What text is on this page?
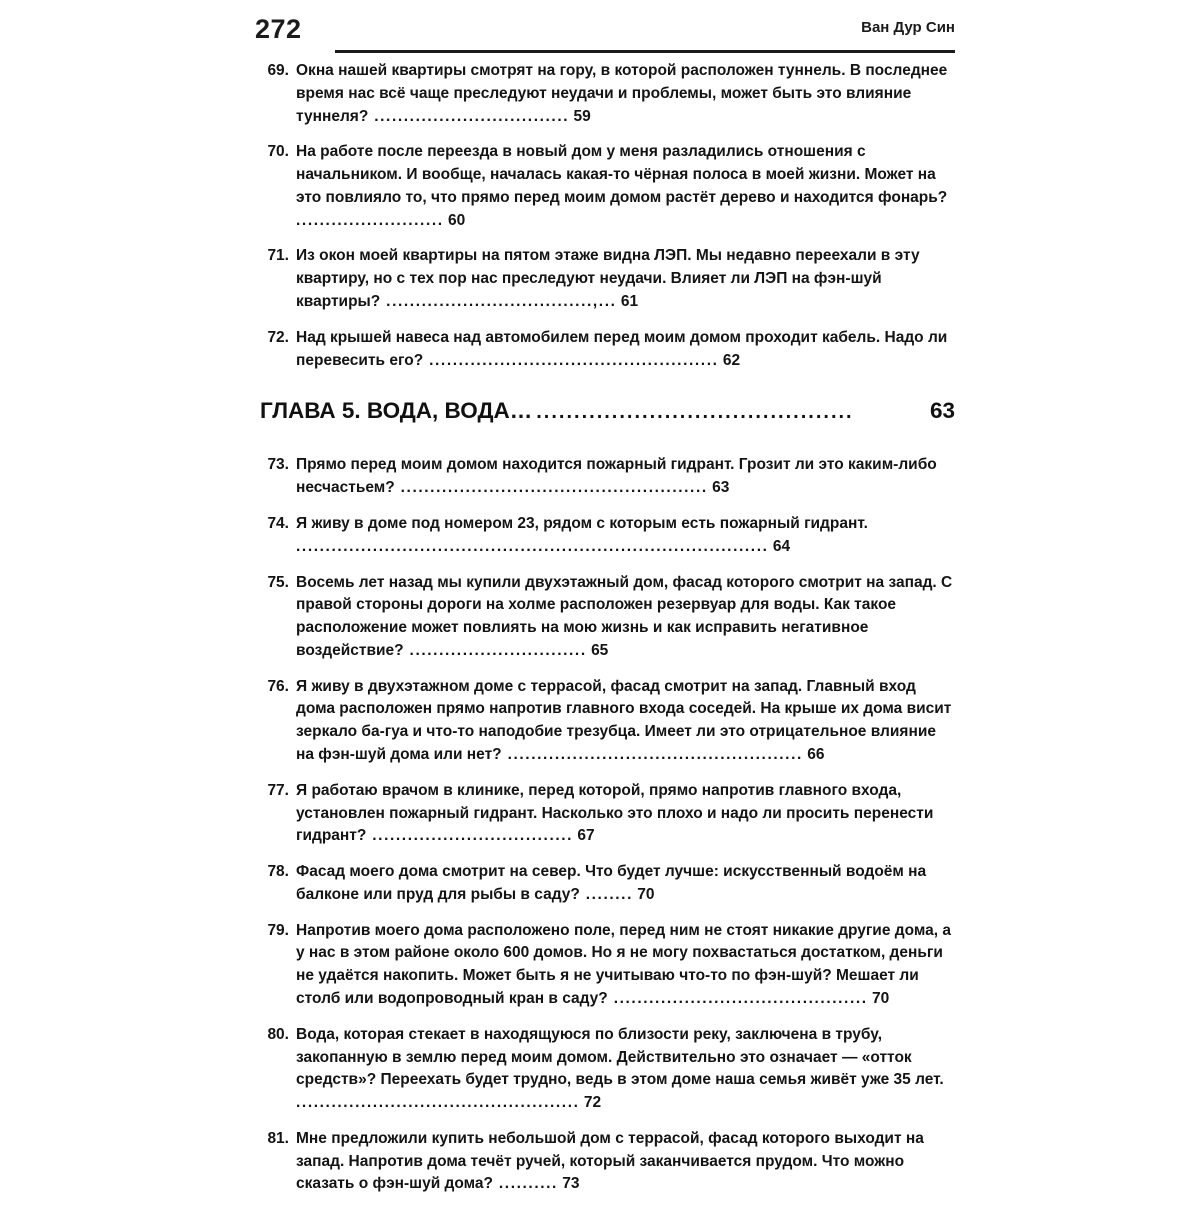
272	Ван Дур Син
69. Окна нашей квартиры смотрят на гору, в которой расположен туннель. В последнее время нас всё чаще преследуют неудачи и проблемы, может быть это влияние туннеля? ................................. 59
70. На работе после переезда в новый дом у меня разладились отношения с начальником. И вообще, началась какая-то чёрная полоса в моей жизни. Может на это повлияло то, что прямо перед моим домом растёт дерево и находится фонарь? ......................... 60
71. Из окон моей квартиры на пятом этаже видна ЛЭП. Мы недавно переехали в эту квартиру, но с тех пор нас преследуют неудачи. Влияет ли ЛЭП на фэн-шуй квартиры? ...................................,... 61
72. Над крышей навеса над автомобилем перед моим домом проходит кабель. Надо ли перевесить его? ................................................. 62
ГЛАВА 5. ВОДА, ВОДА… ..........................................	63
73. Прямо перед моим домом находится пожарный гидрант. Грозит ли это каким-либо несчастьем? .................................................... 63
74. Я живу в доме под номером 23, рядом с которым есть пожарный гидрант. ................................................................................ 64
75. Восемь лет назад мы купили двухэтажный дом, фасад которого смотрит на запад. С правой стороны дороги на холме расположен резервуар для воды. Как такое расположение может повлиять на мою жизнь и как исправить негативное воздействие? .............................. 65
76. Я живу в двухэтажном доме с террасой, фасад смотрит на запад. Главный вход дома расположен прямо напротив главного входа соседей. На крыше их дома висит зеркало ба-гуа и что-то наподобие трезубца. Имеет ли это отрицательное влияние на фэн-шуй дома или нет? .................................................. 66
77. Я работаю врачом в клинике, перед которой, прямо напротив главного входа, установлен пожарный гидрант. Насколько это плохо и надо ли просить перенести гидрант? .................................. 67
78. Фасад моего дома смотрит на север. Что будет лучше: искусственный водоём на балконе или пруд для рыбы в саду? ........ 70
79. Напротив моего дома расположено поле, перед ним не стоят никакие другие дома, а у нас в этом районе около 600 домов. Но я не могу похвастаться достатком, деньги не удаётся накопить. Может быть я не учитываю что-то по фэн-шуй? Мешает ли столб или водопроводный кран в саду? ........................................... 70
80. Вода, которая стекает в находящуюся по близости реку, заключена в трубу, закопанную в землю перед моим домом. Действительно это означает — «отток средств»? Переехать будет трудно, ведь в этом доме наша семья живёт уже 35 лет. ................................................ 72
81. Мне предложили купить небольшой дом с террасой, фасад которого выходит на запад. Напротив дома течёт ручей, который заканчивается прудом. Что можно сказать о фэн-шуй дома? .......... 73
